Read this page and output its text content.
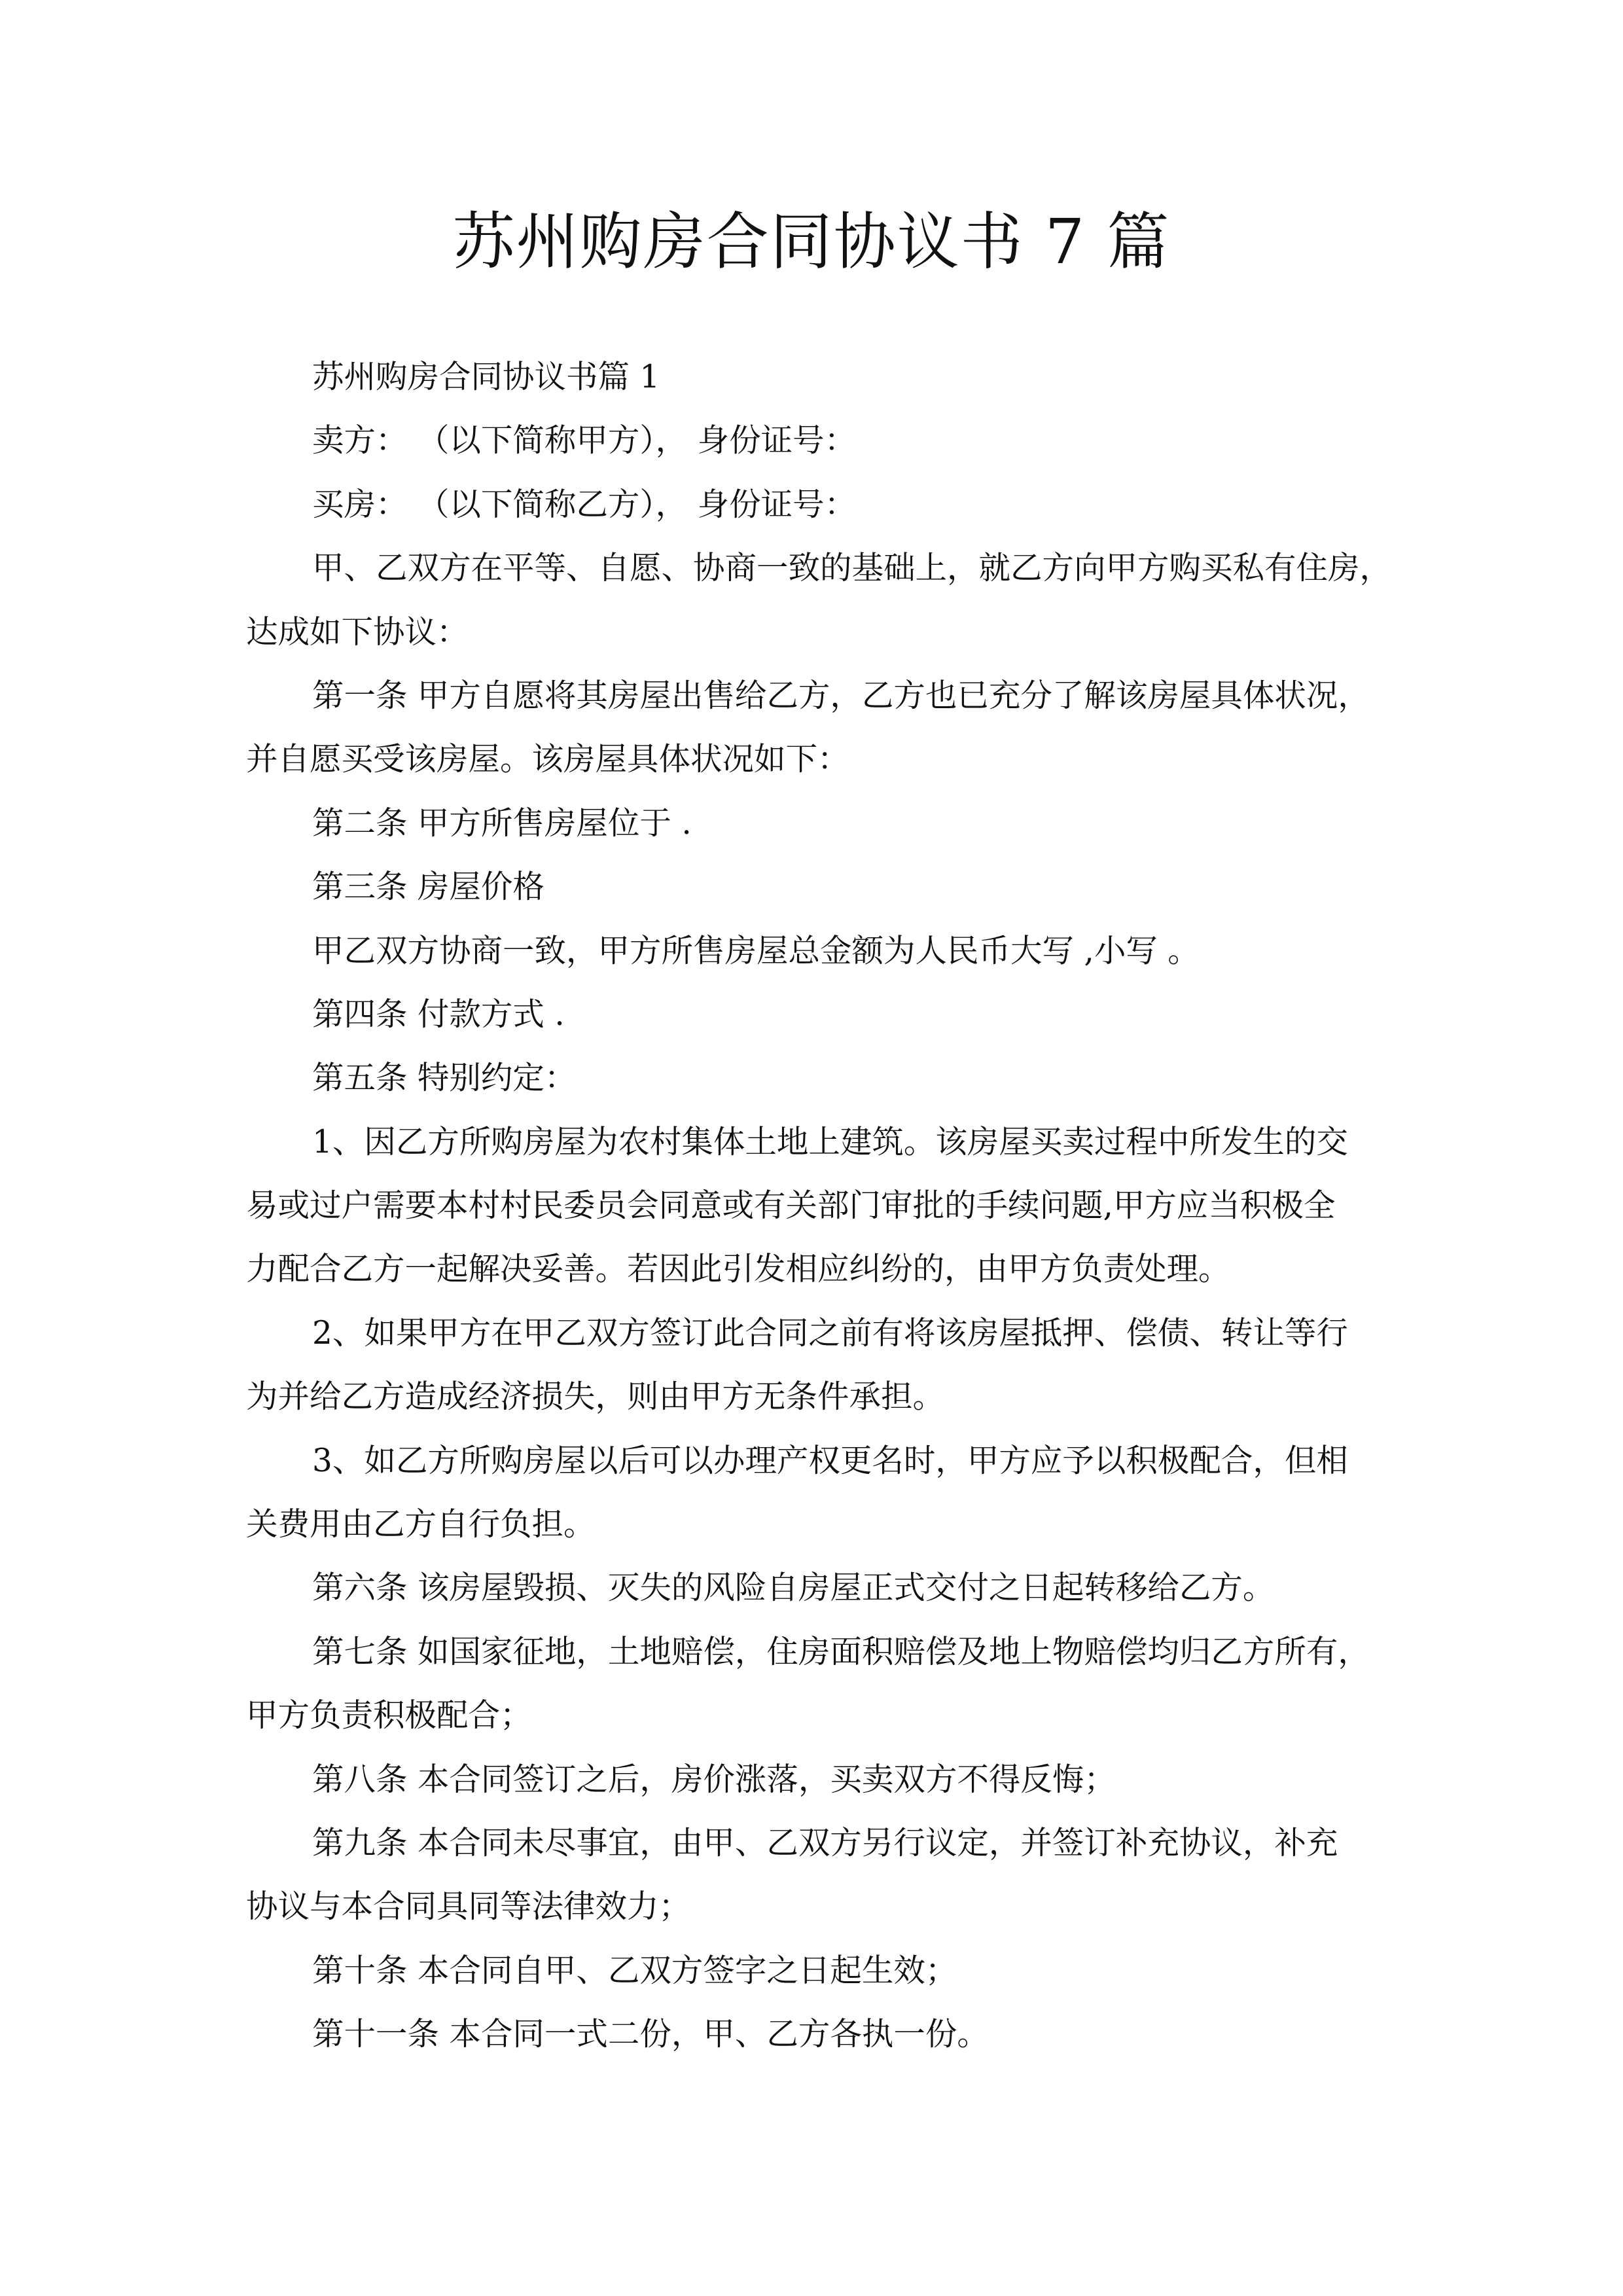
苏州购房合同协议书 7 篇
苏州购房合同协议书篇 1
卖方： （以下简称甲方）， 身份证号：
买房： （以下简称乙方）， 身份证号：
甲、乙双方在平等、自愿、协商一致的基础上，就乙方向甲方购买私有住房，
达成如下协议：
第一条 甲方自愿将其房屋出售给乙方，乙方也已充分了解该房屋具体状况，
并自愿买受该房屋。该房屋具体状况如下：
第二条 甲方所售房屋位于 .
第三条 房屋价格
甲乙双方协商一致，甲方所售房屋总金额为人民币大写 ,小写 。
第四条 付款方式 .
第五条 特别约定：
1、因乙方所购房屋为农村集体土地上建筑。该房屋买卖过程中所发生的交
易或过户需要本村村民委员会同意或有关部门审批的手续问题,甲方应当积极全
力配合乙方一起解决妥善。若因此引发相应纠纷的，由甲方负责处理。
2、如果甲方在甲乙双方签订此合同之前有将该房屋抵押、偿债、转让等行
为并给乙方造成经济损失，则由甲方无条件承担。
3、如乙方所购房屋以后可以办理产权更名时，甲方应予以积极配合，但相
关费用由乙方自行负担。
第六条 该房屋毁损、灭失的风险自房屋正式交付之日起转移给乙方。
第七条 如国家征地，土地赔偿，住房面积赔偿及地上物赔偿均归乙方所有，
甲方负责积极配合；
第八条 本合同签订之后，房价涨落，买卖双方不得反悔；
第九条 本合同未尽事宜，由甲、乙双方另行议定，并签订补充协议，补充
协议与本合同具同等法律效力；
第十条 本合同自甲、乙双方签字之日起生效；
第十一条 本合同一式二份，甲、乙方各执一份。
